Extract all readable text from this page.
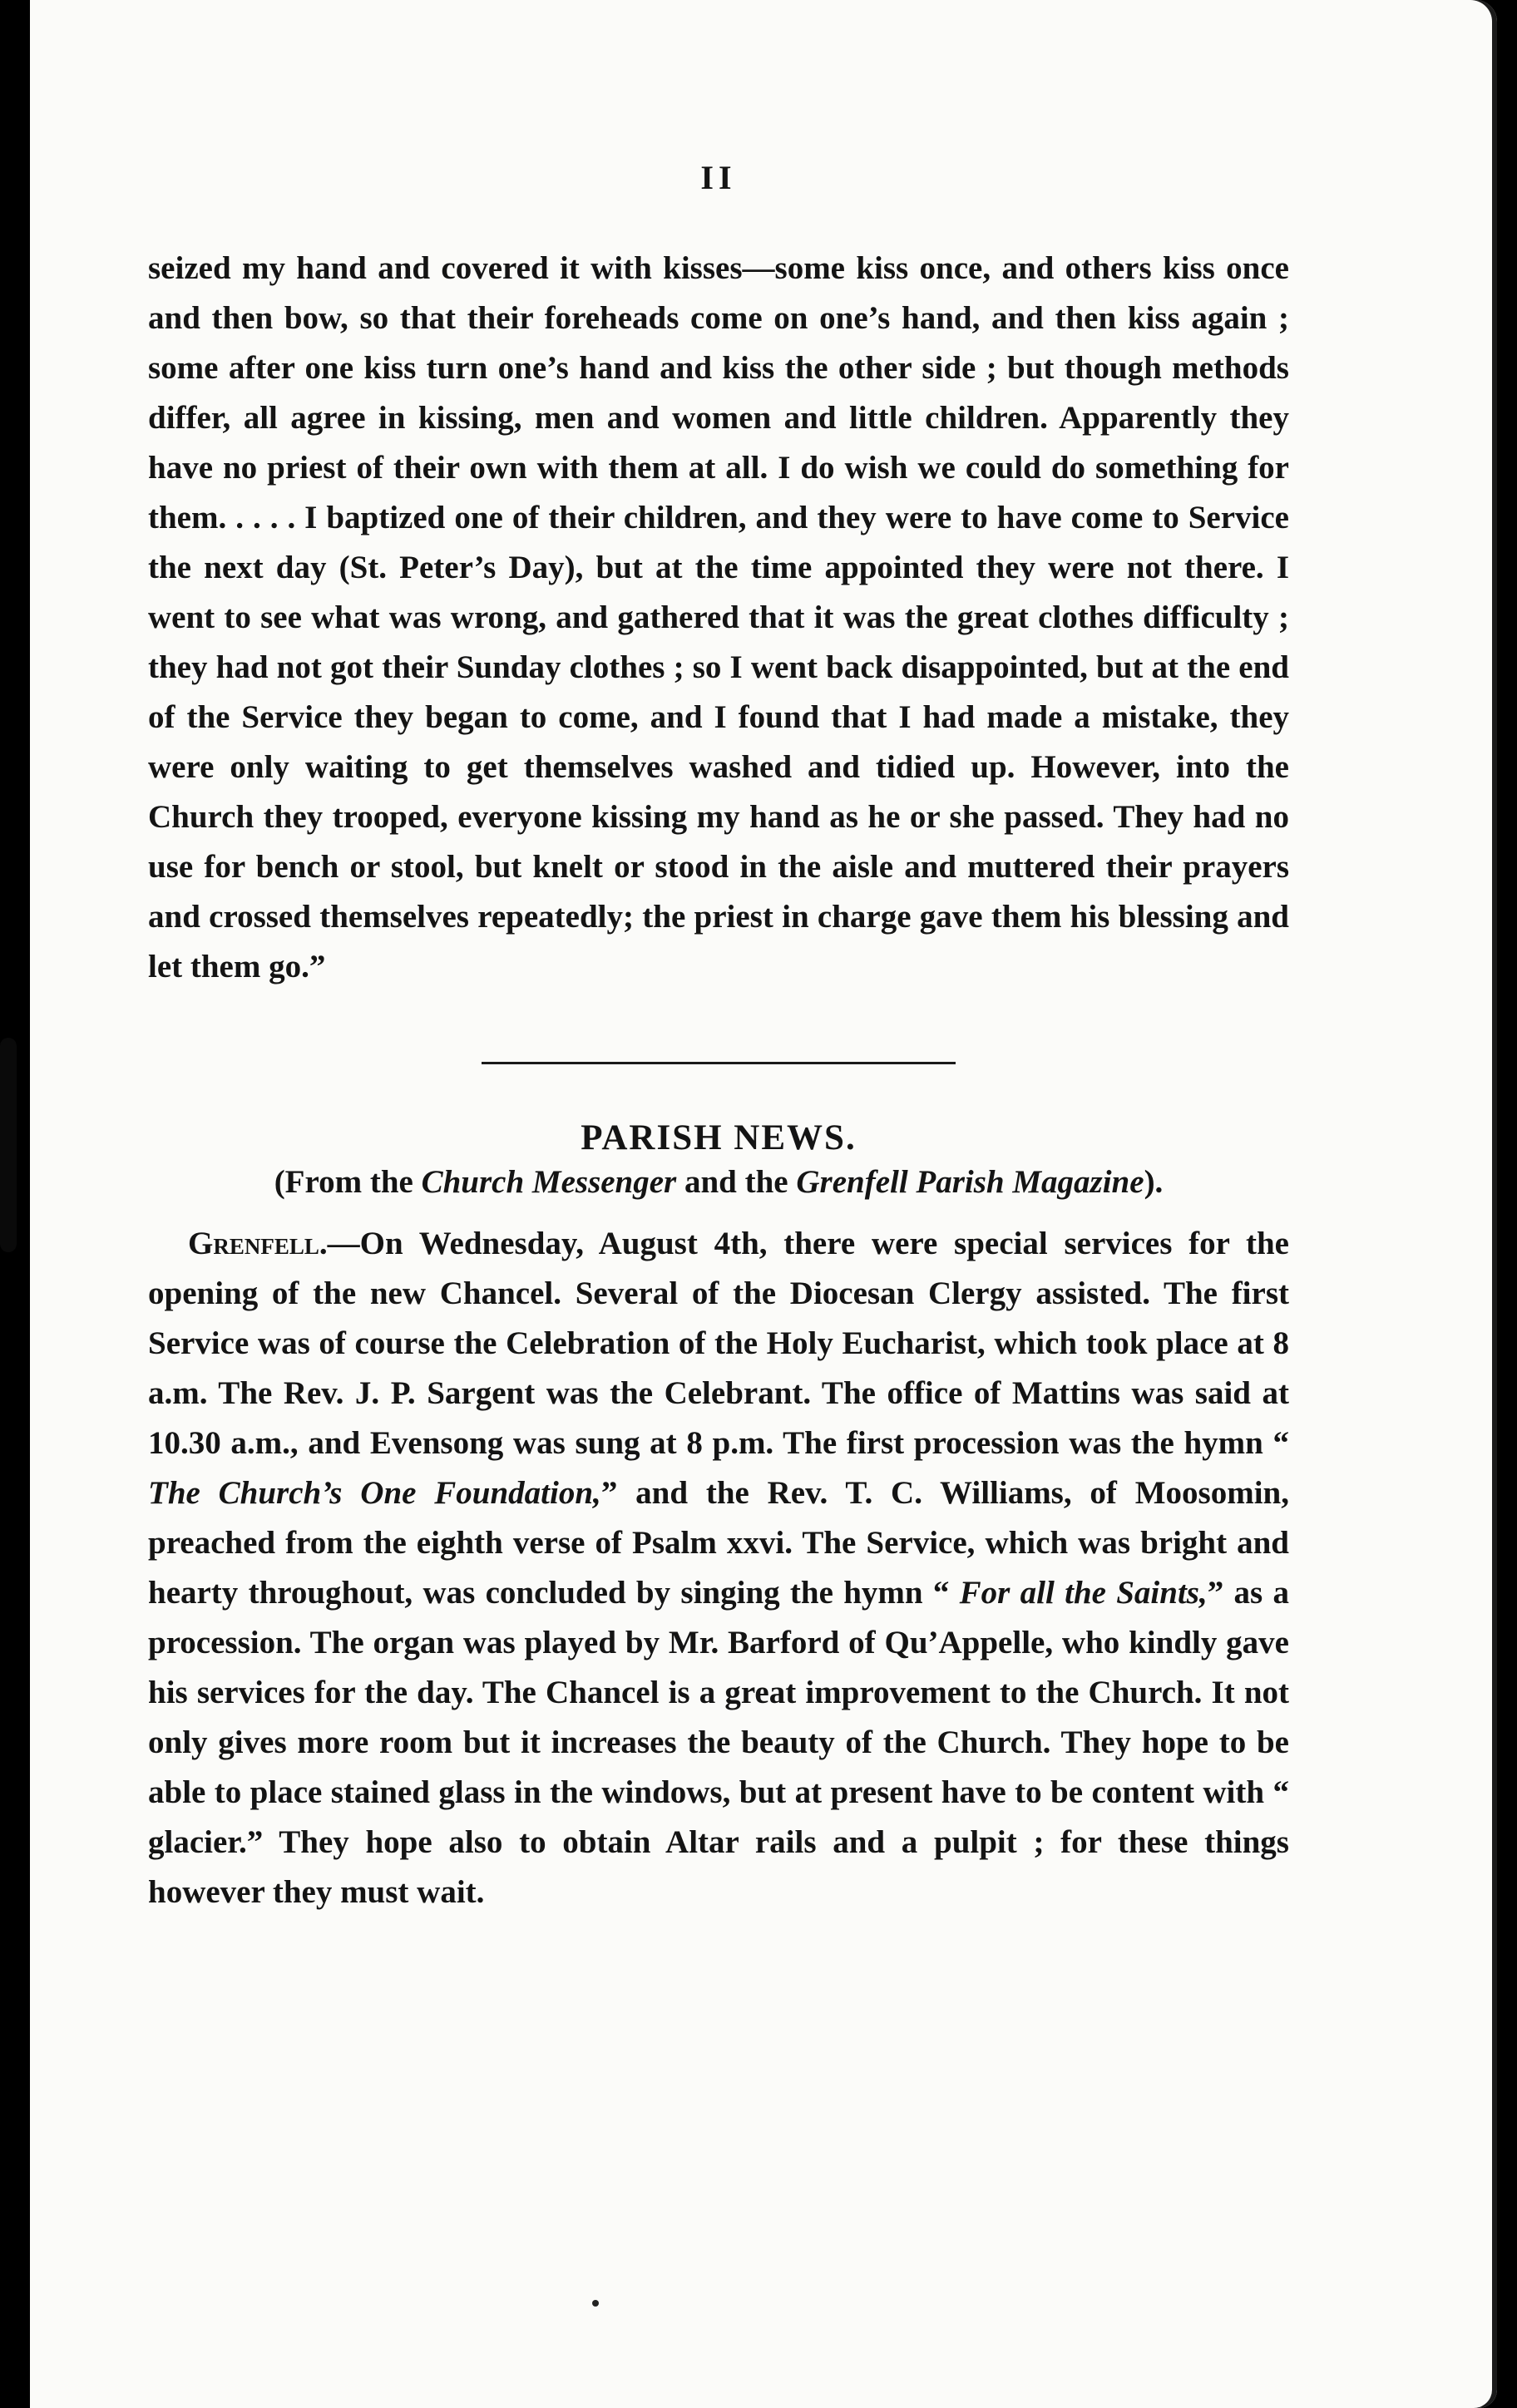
II

seized my hand and covered it with kisses—some kiss once, and others kiss once and then bow, so that their foreheads come on one’s hand, and then kiss again ; some after one kiss turn one’s hand and kiss the other side ; but though methods differ, all agree in kissing, men and women and little children. Apparently they have no priest of their own with them at all. I do wish we could do something for them. . . . . I baptized one of their children, and they were to have come to Service the next day (St. Peter’s Day), but at the time appointed they were not there. I went to see what was wrong, and gathered that it was the great clothes difficulty ; they had not got their Sunday clothes ; so I went back disappointed, but at the end of the Service they began to come, and I found that I had made a mistake, they were only waiting to get themselves washed and tidied up. However, into the Church they trooped, everyone kissing my hand as he or she passed. They had no use for bench or stool, but knelt or stood in the aisle and muttered their prayers and crossed themselves repeatedly; the priest in charge gave them his blessing and let them go.”

PARISH NEWS.
(From the Church Messenger and the Grenfell Parish Magazine).

Grenfell.—On Wednesday, August 4th, there were special services for the opening of the new Chancel. Several of the Diocesan Clergy assisted. The first Service was of course the Celebration of the Holy Eucharist, which took place at 8 a.m. The Rev. J. P. Sargent was the Celebrant. The office of Mattins was said at 10.30 a.m., and Evensong was sung at 8 p.m. The first procession was the hymn “ The Church’s One Foundation,” and the Rev. T. C. Williams, of Moosomin, preached from the eighth verse of Psalm xxvi. The Service, which was bright and hearty throughout, was concluded by singing the hymn “ For all the Saints,” as a procession. The organ was played by Mr. Barford of Qu’Appelle, who kindly gave his services for the day. The Chancel is a great improvement to the Church. It not only gives more room but it increases the beauty of the Church. They hope to be able to place stained glass in the windows, but at present have to be content with “ glacier.” They hope also to obtain Altar rails and a pulpit ; for these things however they must wait.
